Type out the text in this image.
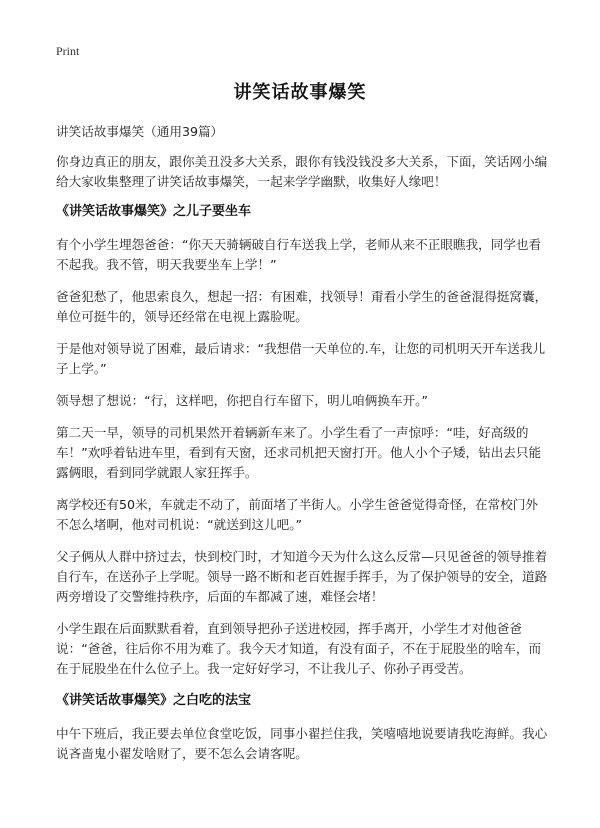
Print
讲笑话故事爆笑

讲笑话故事爆笑（通用39篇）

你身边真正的朋友，跟你美丑没多大关系，跟你有钱没钱没多大关系，下面，笑话网小编给大家收集整理了讲笑话故事爆笑，一起来学学幽默，收集好人缘吧！

《讲笑话故事爆笑》之儿子要坐车

有个小学生埋怨爸爸：“你天天骑辆破自行车送我上学，老师从来不正眼瞧我，同学也看不起我。我不管，明天我要坐车上学！”

爸爸犯愁了，他思索良久，想起一招：有困难，找领导！甭看小学生的爸爸混得挺窝囊，单位可挺牛的，领导还经常在电视上露脸呢。

于是他对领导说了困难，最后请求：“我想借一天单位的.车，让您的司机明天开车送我儿子上学。”

领导想了想说：“行，这样吧，你把自行车留下，明儿咱俩换车开。”

第二天一早，领导的司机果然开着辆新车来了。小学生看了一声惊呼：“哇，好高级的车！”欢呼着钻进车里，看到有天窗，还求司机把天窗打开。他人小个子矮，钻出去只能露俩眼，看到同学就跟人家狂挥手。

离学校还有50米，车就走不动了，前面堵了半街人。小学生爸爸觉得奇怪，在常校门外不怎么堵啊，他对司机说：“就送到这儿吧。”

父子俩从人群中挤过去，快到校门时，才知道今天为什么这么反常—只见爸爸的领导推着自行车，在送孙子上学呢。领导一路不断和老百姓握手挥手，为了保护领导的安全，道路两旁增设了交警维持秩序，后面的车都减了速，难怪会堵！

小学生跟在后面默默看着，直到领导把孙子送进校园，挥手离开，小学生才对他爸爸说：“爸爸，往后你不用为难了。我今天才知道，有没有面子，不在于屁股坐的啥车，而在于屁股坐在什么位子上。我一定好好学习，不让我儿子、你孙子再受苦。

《讲笑话故事爆笑》之白吃的法宝

中午下班后，我正要去单位食堂吃饭，同事小翟拦住我，笑嘻嘻地说要请我吃海鲜。我心说吝啬鬼小翟发啥财了，要不怎么会请客呢。
